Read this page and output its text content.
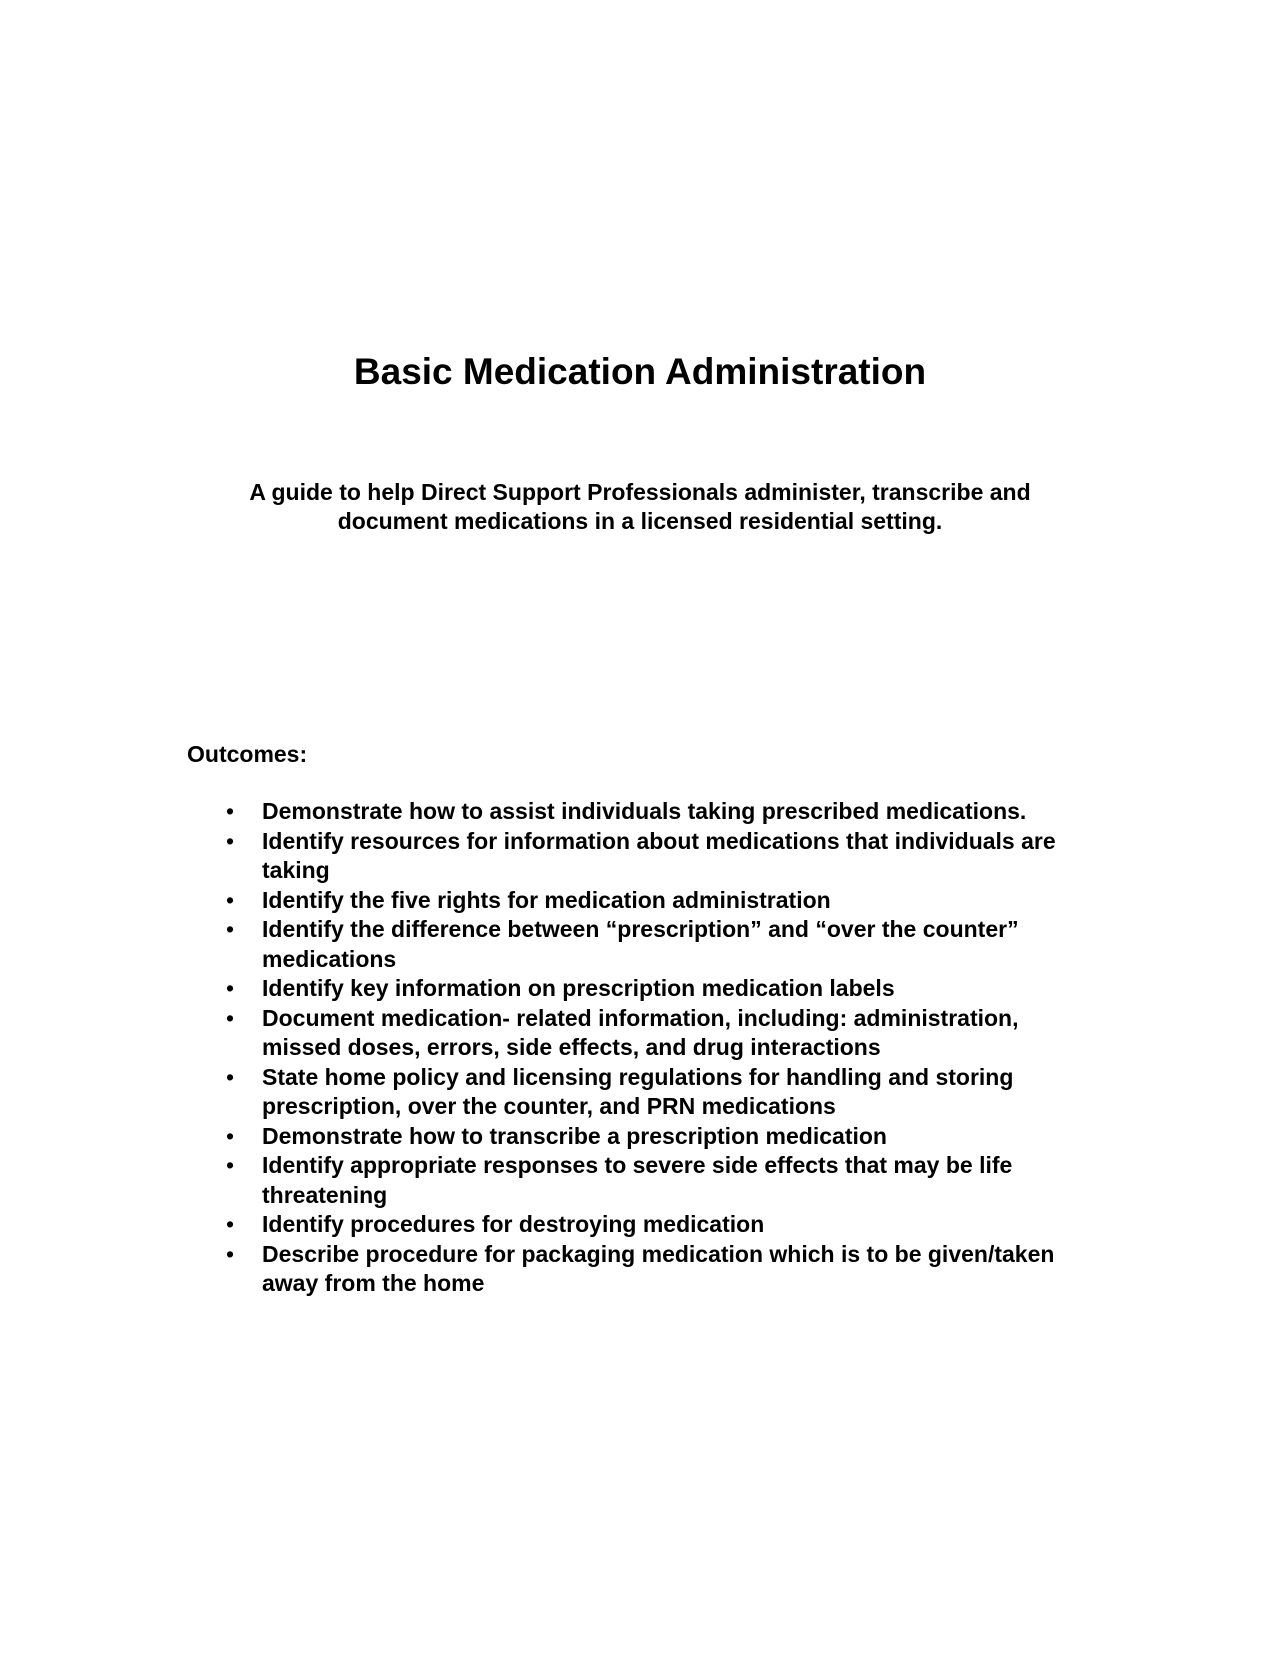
Basic Medication Administration

A guide to help Direct Support Professionals administer, transcribe and
document medications in a licensed residential setting.

Outcomes:

• Demonstrate how to assist individuals taking prescribed medications.
• Identify resources for information about medications that individuals are taking
• Identify the five rights for medication administration
• Identify the difference between “prescription” and “over the counter” medications
• Identify key information on prescription medication labels
• Document medication- related information, including: administration, missed doses, errors, side effects, and drug interactions
• State home policy and licensing regulations for handling and storing prescription, over the counter, and PRN medications
• Demonstrate how to transcribe a prescription medication
• Identify appropriate responses to severe side effects that may be life threatening
• Identify procedures for destroying medication
• Describe procedure for packaging medication which is to be given/taken away from the home
